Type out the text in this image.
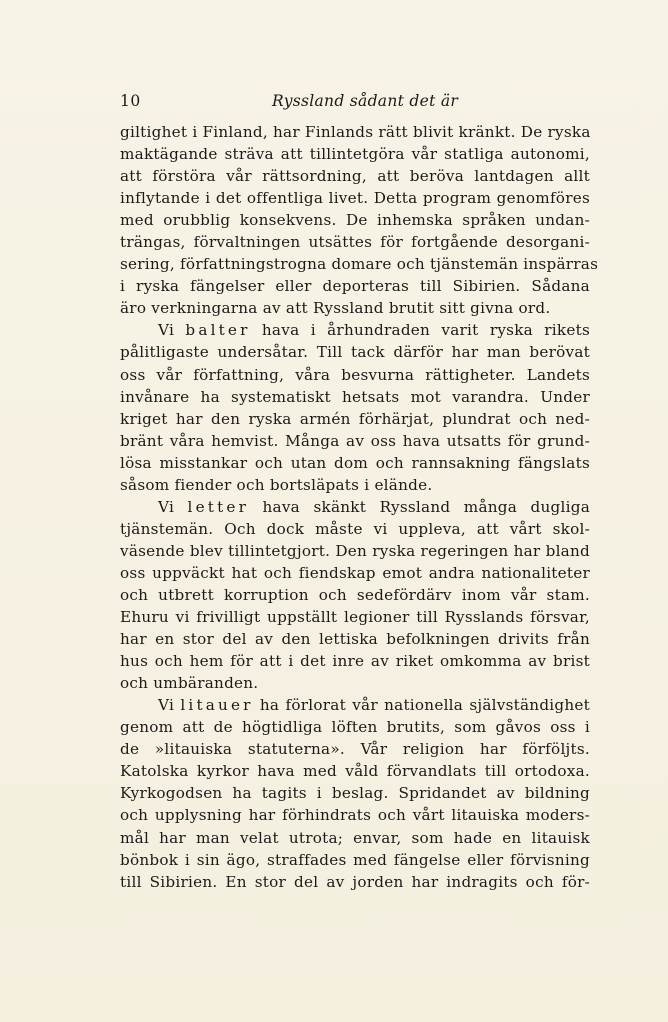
10	Ryssland sådant det är
giltighet i Finland, har Finlands rätt blivit kränkt. De ryska
maktägande sträva att tillintetgöra vår statliga autonomi,
att förstöra vår rättsordning, att beröva lantdagen allt
inflytande i det offentliga livet. Detta program genomföres
med orubblig konsekvens. De inhemska språken undan-
trängas, förvaltningen utsättes för fortgående desorgani-
sering, författningstrogna domare och tjänstemän inspärras
i ryska fängelser eller deporteras till Sibirien. Sådana
äro verkningarna av att Ryssland brutit sitt givna ord.
Vi balter hava i århundraden varit ryska rikets
pålitligaste undersåtar. Till tack därför har man berövat
oss vår författning, våra besvurna rättigheter. Landets
invånare ha systematiskt hetsats mot varandra. Under
kriget har den ryska armén förhärjat, plundrat och ned-
bränt våra hemvist. Många av oss hava utsatts för grund-
lösa misstankar och utan dom och rannsakning fängslats
såsom fiender och bortsläpats i elände.
Vi letter hava skänkt Ryssland många dugliga
tjänstemän. Och dock måste vi uppleva, att vårt skol-
väsende blev tillintetgjort. Den ryska regeringen har bland
oss uppväckt hat och fiendskap emot andra nationaliteter
och utbrett korruption och sedefördärv inom vår stam.
Ehuru vi frivilligt uppställt legioner till Rysslands försvar,
har en stor del av den lettiska befolkningen drivits från
hus och hem för att i det inre av riket omkomma av brist
och umbäranden.
Vi litauer ha förlorat vår nationella självständighet
genom att de högtidliga löften brutits, som gåvos oss i
de »litauiska statuterna». Vår religion har förföljts.
Katolska kyrkor hava med våld förvandlats till ortodoxa.
Kyrkogodsen ha tagits i beslag. Spridandet av bildning
och upplysning har förhindrats och vårt litauiska moders-
mål har man velat utrota; envar, som hade en litauisk
bönbok i sin ägo, straffades med fängelse eller förvisning
till Sibirien. En stor del av jorden har indragits och för-
